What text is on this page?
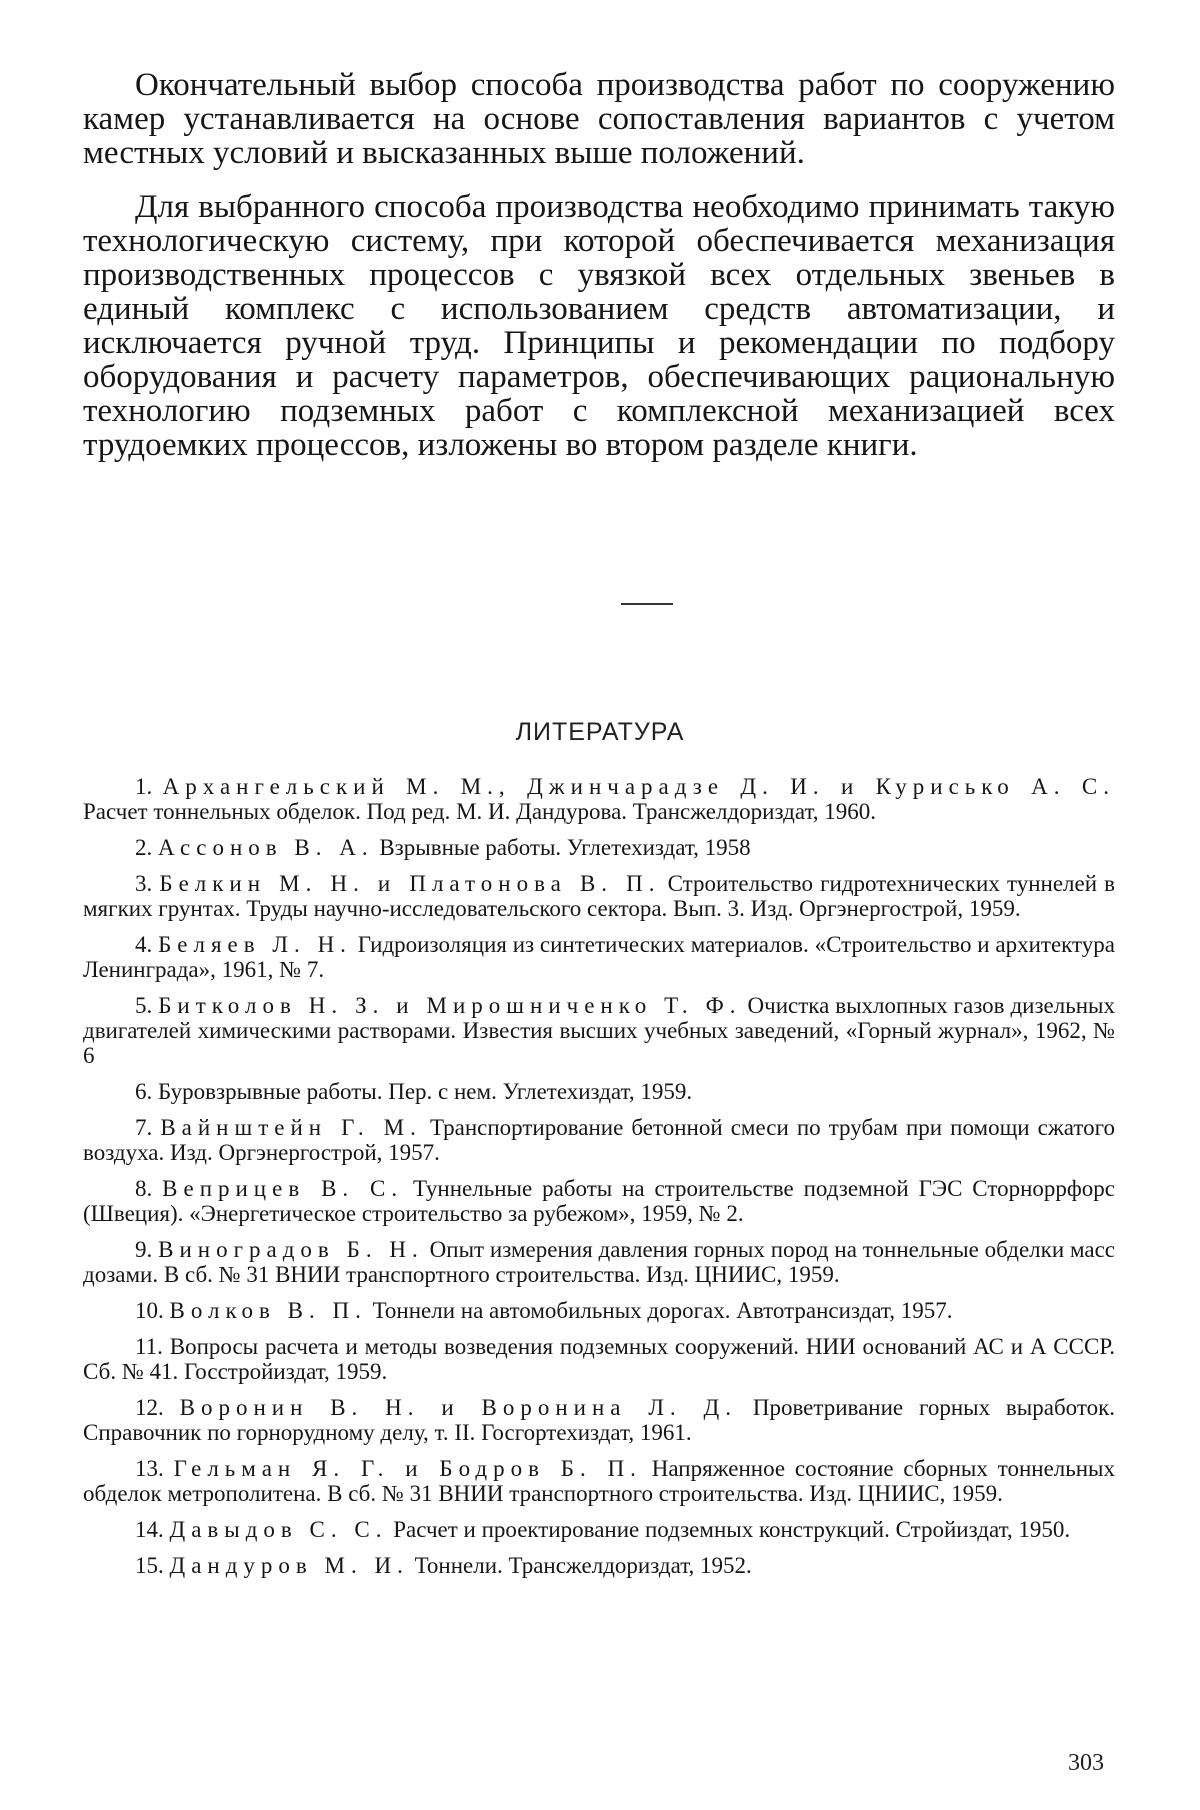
Окончательный выбор способа производства работ по сооружению камер устанавливается на основе сопоставления вариантов с учетом местных условий и высказанных выше положений.

Для выбранного способа производства необходимо принимать такую технологическую систему, при которой обеспечивается механизация производственных процессов с увязкой всех отдельных звеньев в единый комплекс с использованием средств автоматизации, и исключается ручной труд. Принципы и рекомендации по подбору оборудования и расчету параметров, обеспечивающих рациональную технологию подземных работ с комплексной механизацией всех трудоемких процессов, изложены во втором разделе книги.

ЛИТЕРАТУРА

1. Архангельский М. М., Джинчарадзе Д. И. и Курисько А. С. Расчет тоннельных обделок. Под ред. М. И. Дандурова. Трансжелдориздат, 1960.

2. Ассонов В. А. Взрывные работы. Углетехиздат, 1958

3. Белкин М. Н. и Платонова В. П. Строительство гидротехнических туннелей в мягких грунтах. Труды научно-исследовательского сектора. Вып. 3. Изд. Оргэнергострой, 1959.

4. Беляев Л. Н. Гидроизоляция из синтетических материалов. «Строительство и архитектура Ленинграда», 1961, № 7.

5. Битколов Н. З. и Мирошниченко Т. Ф. Очистка выхлопных газов дизельных двигателей химическими растворами. Известия высших учебных заведений, «Горный журнал», 1962, № 6

6. Буровзрывные работы. Пер. с нем. Углетехиздат, 1959.

7. Вайнштейн Г. М. Транспортирование бетонной смеси по трубам при помощи сжатого воздуха. Изд. Оргэнергострой, 1957.

8. Веприцев В. С. Туннельные работы на строительстве подземной ГЭС Сторноррфорс (Швеция). «Энергетическое строительство за рубежом», 1959, № 2.

9. Виноградов Б. Н. Опыт измерения давления горных пород на тоннельные обделки масс дозами. В сб. № 31 ВНИИ транспортного строительства. Изд. ЦНИИС, 1959.

10. Волков В. П. Тоннели на автомобильных дорогах. Автотрансиздат, 1957.

11. Вопросы расчета и методы возведения подземных сооружений. НИИ оснований АС и А СССР. Сб. № 41. Госстройиздат, 1959.

12. Воронин В. Н. и Воронина Л. Д. Проветривание горных выработок. Справочник по горнорудному делу, т. II. Госгортехиздат, 1961.

13. Гельман Я. Г. и Бодров Б. П. Напряженное состояние сборных тоннельных обделок метрополитена. В сб. № 31 ВНИИ транспортного строительства. Изд. ЦНИИС, 1959.

14. Давыдов С. С. Расчет и проектирование подземных конструкций. Стройиздат, 1950.

15. Дандуров М. И. Тоннели. Трансжелдориздат, 1952.

303
